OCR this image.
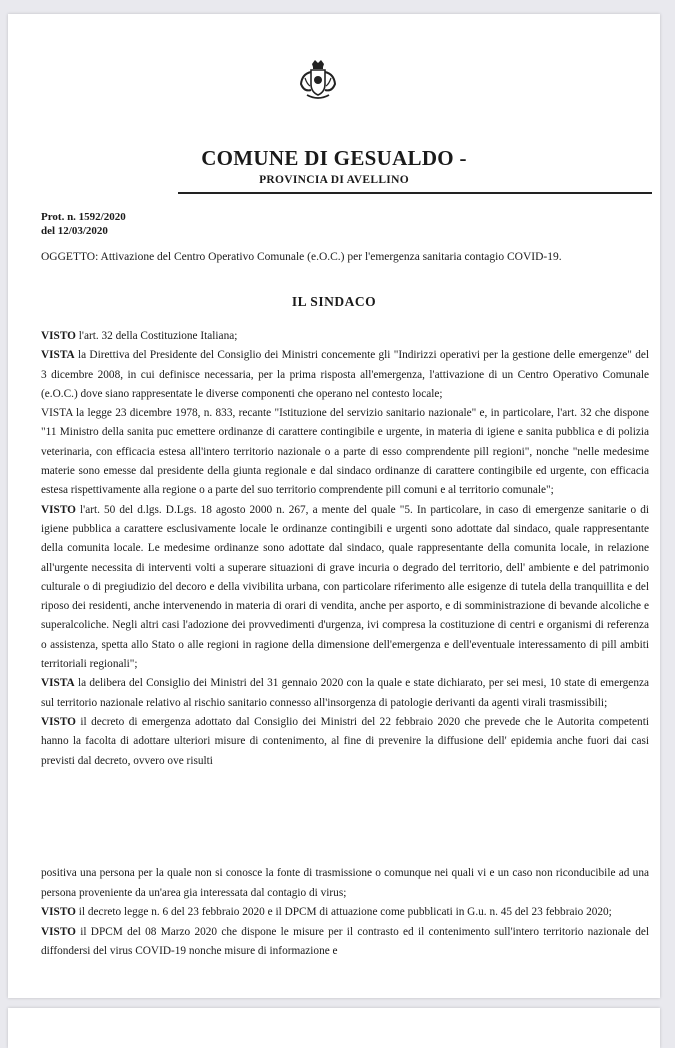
COMUNE DI GESUALDO -
PROVINCIA DI AVELLINO
Prot. n. 1592/2020
del 12/03/2020
OGGETTO: Attivazione del Centro Operativo Comunale (e.O.C.) per l'emergenza sanitaria contagio COVID-19.
IL SINDACO

VISTO l'art. 32 della Costituzione Italiana;

VISTA la Direttiva del Presidente del Consiglio dei Ministri concemente gli "Indirizzi operativi per la gestione delle emergenze" del 3 dicembre 2008, in cui definisce necessaria, per la prima risposta all'emergenza, l'attivazione di un Centro Operativo Comunale (e.O.C.) dove siano rappresentate le diverse componenti che operano nel contesto locale;

VISTA la legge 23 dicembre 1978, n. 833, recante "Istituzione del servizio sanitario nazionale" e, in particolare, l'art. 32 che dispone "11 Ministro della sanita puc emettere ordinanze di carattere contingibile e urgente, in materia di igiene e sanita pubblica e di polizia veterinaria, con efficacia estesa all'intero territorio nazionale o a parte di esso comprendente pill regioni", nonche "nelle medesime materie sono emesse dal presidente della giunta regionale e dal sindaco ordinanze di carattere contingibile ed urgente, con efficacia estesa rispettivamente alla regione o a parte del suo territorio comprendente pill comuni e al territorio comunale";

VISTO l'art. 50 del d.lgs. D.Lgs. 18 agosto 2000 n. 267, a mente del quale "5. In particolare, in caso di emergenze sanitarie o di igiene pubblica a carattere esclusivamente locale le ordinanze contingibili e urgenti sono adottate dal sindaco, quale rappresentante della comunita locale. Le medesime ordinanze sono adottate dal sindaco, quale rappresentante della comunita locale, in relazione all'urgente necessita di interventi volti a superare situazioni di grave incuria o degrado del territorio, dell' ambiente e del patrimonio culturale o di pregiudizio del decoro e della vivibilita urbana, con particolare riferimento alle esigenze di tutela della tranquillita e del riposo dei residenti, anche intervenendo in materia di orari di vendita, anche per asporto, e di somministrazione di bevande alcoliche e superalcoliche. Negli altri casi l'adozione dei provvedimenti d'urgenza, ivi compresa la costituzione di centri e organismi di referenza o assistenza, spetta allo Stato o alle regioni in ragione della dimensione dell'emergenza e dell'eventuale interessamento di pill ambiti territoriali regionali";

VISTA la delibera del Consiglio dei Ministri del 31 gennaio 2020 con la quale e state dichiarato, per sei mesi, 10 state di emergenza sul territorio nazionale relativo al rischio sanitario connesso all'insorgenza di patologie derivanti da agenti virali trasmissibili;

VISTO il decreto di emergenza adottato dal Consiglio dei Ministri del 22 febbraio 2020 che prevede che le Autorita competenti hanno la facolta di adottare ulteriori misure di contenimento, al fine di prevenire la diffusione dell' epidemia anche fuori dai casi previsti dal decreto, ovvero ove risulti

positiva una persona per la quale non si conosce la fonte di trasmissione o comunque nei quali vi e un caso non riconducibile ad una persona proveniente da un'area gia interessata dal contagio di virus;

VISTO il decreto legge n. 6 del 23 febbraio 2020 e il DPCM di attuazione come pubblicati in G.u. n. 45 del 23 febbraio 2020;

VISTO il DPCM del 08 Marzo 2020 che dispone le misure per il contrasto ed il contenimento sull'intero territorio nazionale del diffondersi del virus COVID-19 nonche misure di informazione e
